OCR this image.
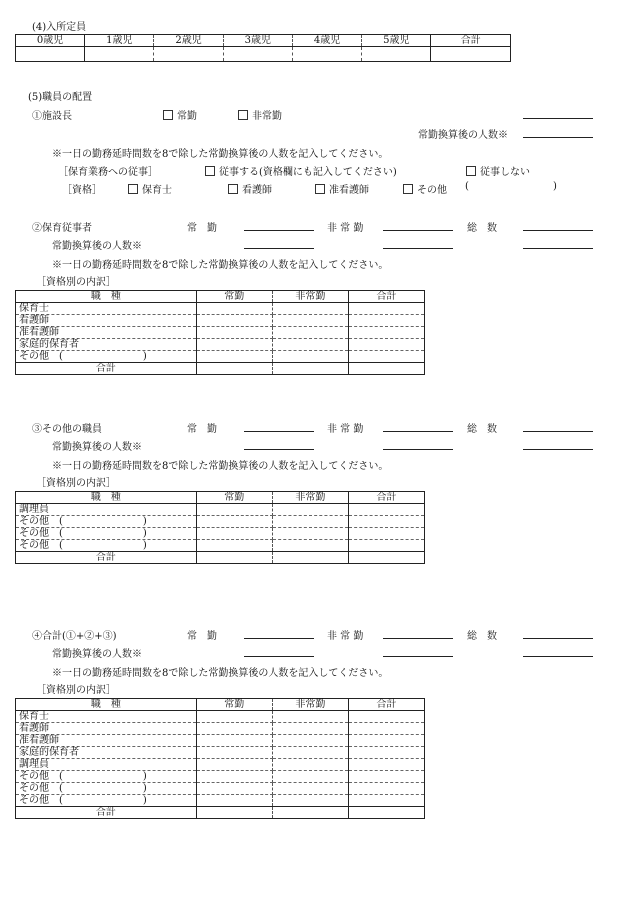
(4)入所定員
0歳児	1歳児	2歳児	3歳児	4歳児	5歳児	合計

(5)職員の配置
①施設長	常勤	非常勤
常勤換算後の人数※
※一日の勤務延時間数を8で除した常勤換算後の人数を記入してください。
［保育業務への従事］	従事する(資格欄にも記入してください)	従事しない
［資格］	保育士	看護師	准看護師	その他 (	)
②保育従事者	常　勤	非 常 勤	総　数
常勤換算後の人数※
※一日の勤務延時間数を8で除した常勤換算後の人数を記入してください。
［資格別の内訳］
職　種	常勤	非常勤	合計
保育士			
看護師			
准看護師			
家庭的保育者			
その他　(　　　　　　　　)			
合計			
③その他の職員	常　勤	非 常 勤	総　数
常勤換算後の人数※
※一日の勤務延時間数を8で除した常勤換算後の人数を記入してください。
［資格別の内訳］
職　種	常勤	非常勤	合計
調理員			
その他　(　　　　　　　　)			
その他　(　　　　　　　　)			
その他　(　　　　　　　　)			
合計			
④合計(①+②+③)	常　勤	非 常 勤	総　数
常勤換算後の人数※
※一日の勤務延時間数を8で除した常勤換算後の人数を記入してください。
［資格別の内訳］
職　種	常勤	非常勤	合計
保育士			
看護師			
准看護師			
家庭的保育者			
調理員			
その他　(　　　　　　　　)			
その他　(　　　　　　　　)			
その他　(　　　　　　　　)			
合計			
